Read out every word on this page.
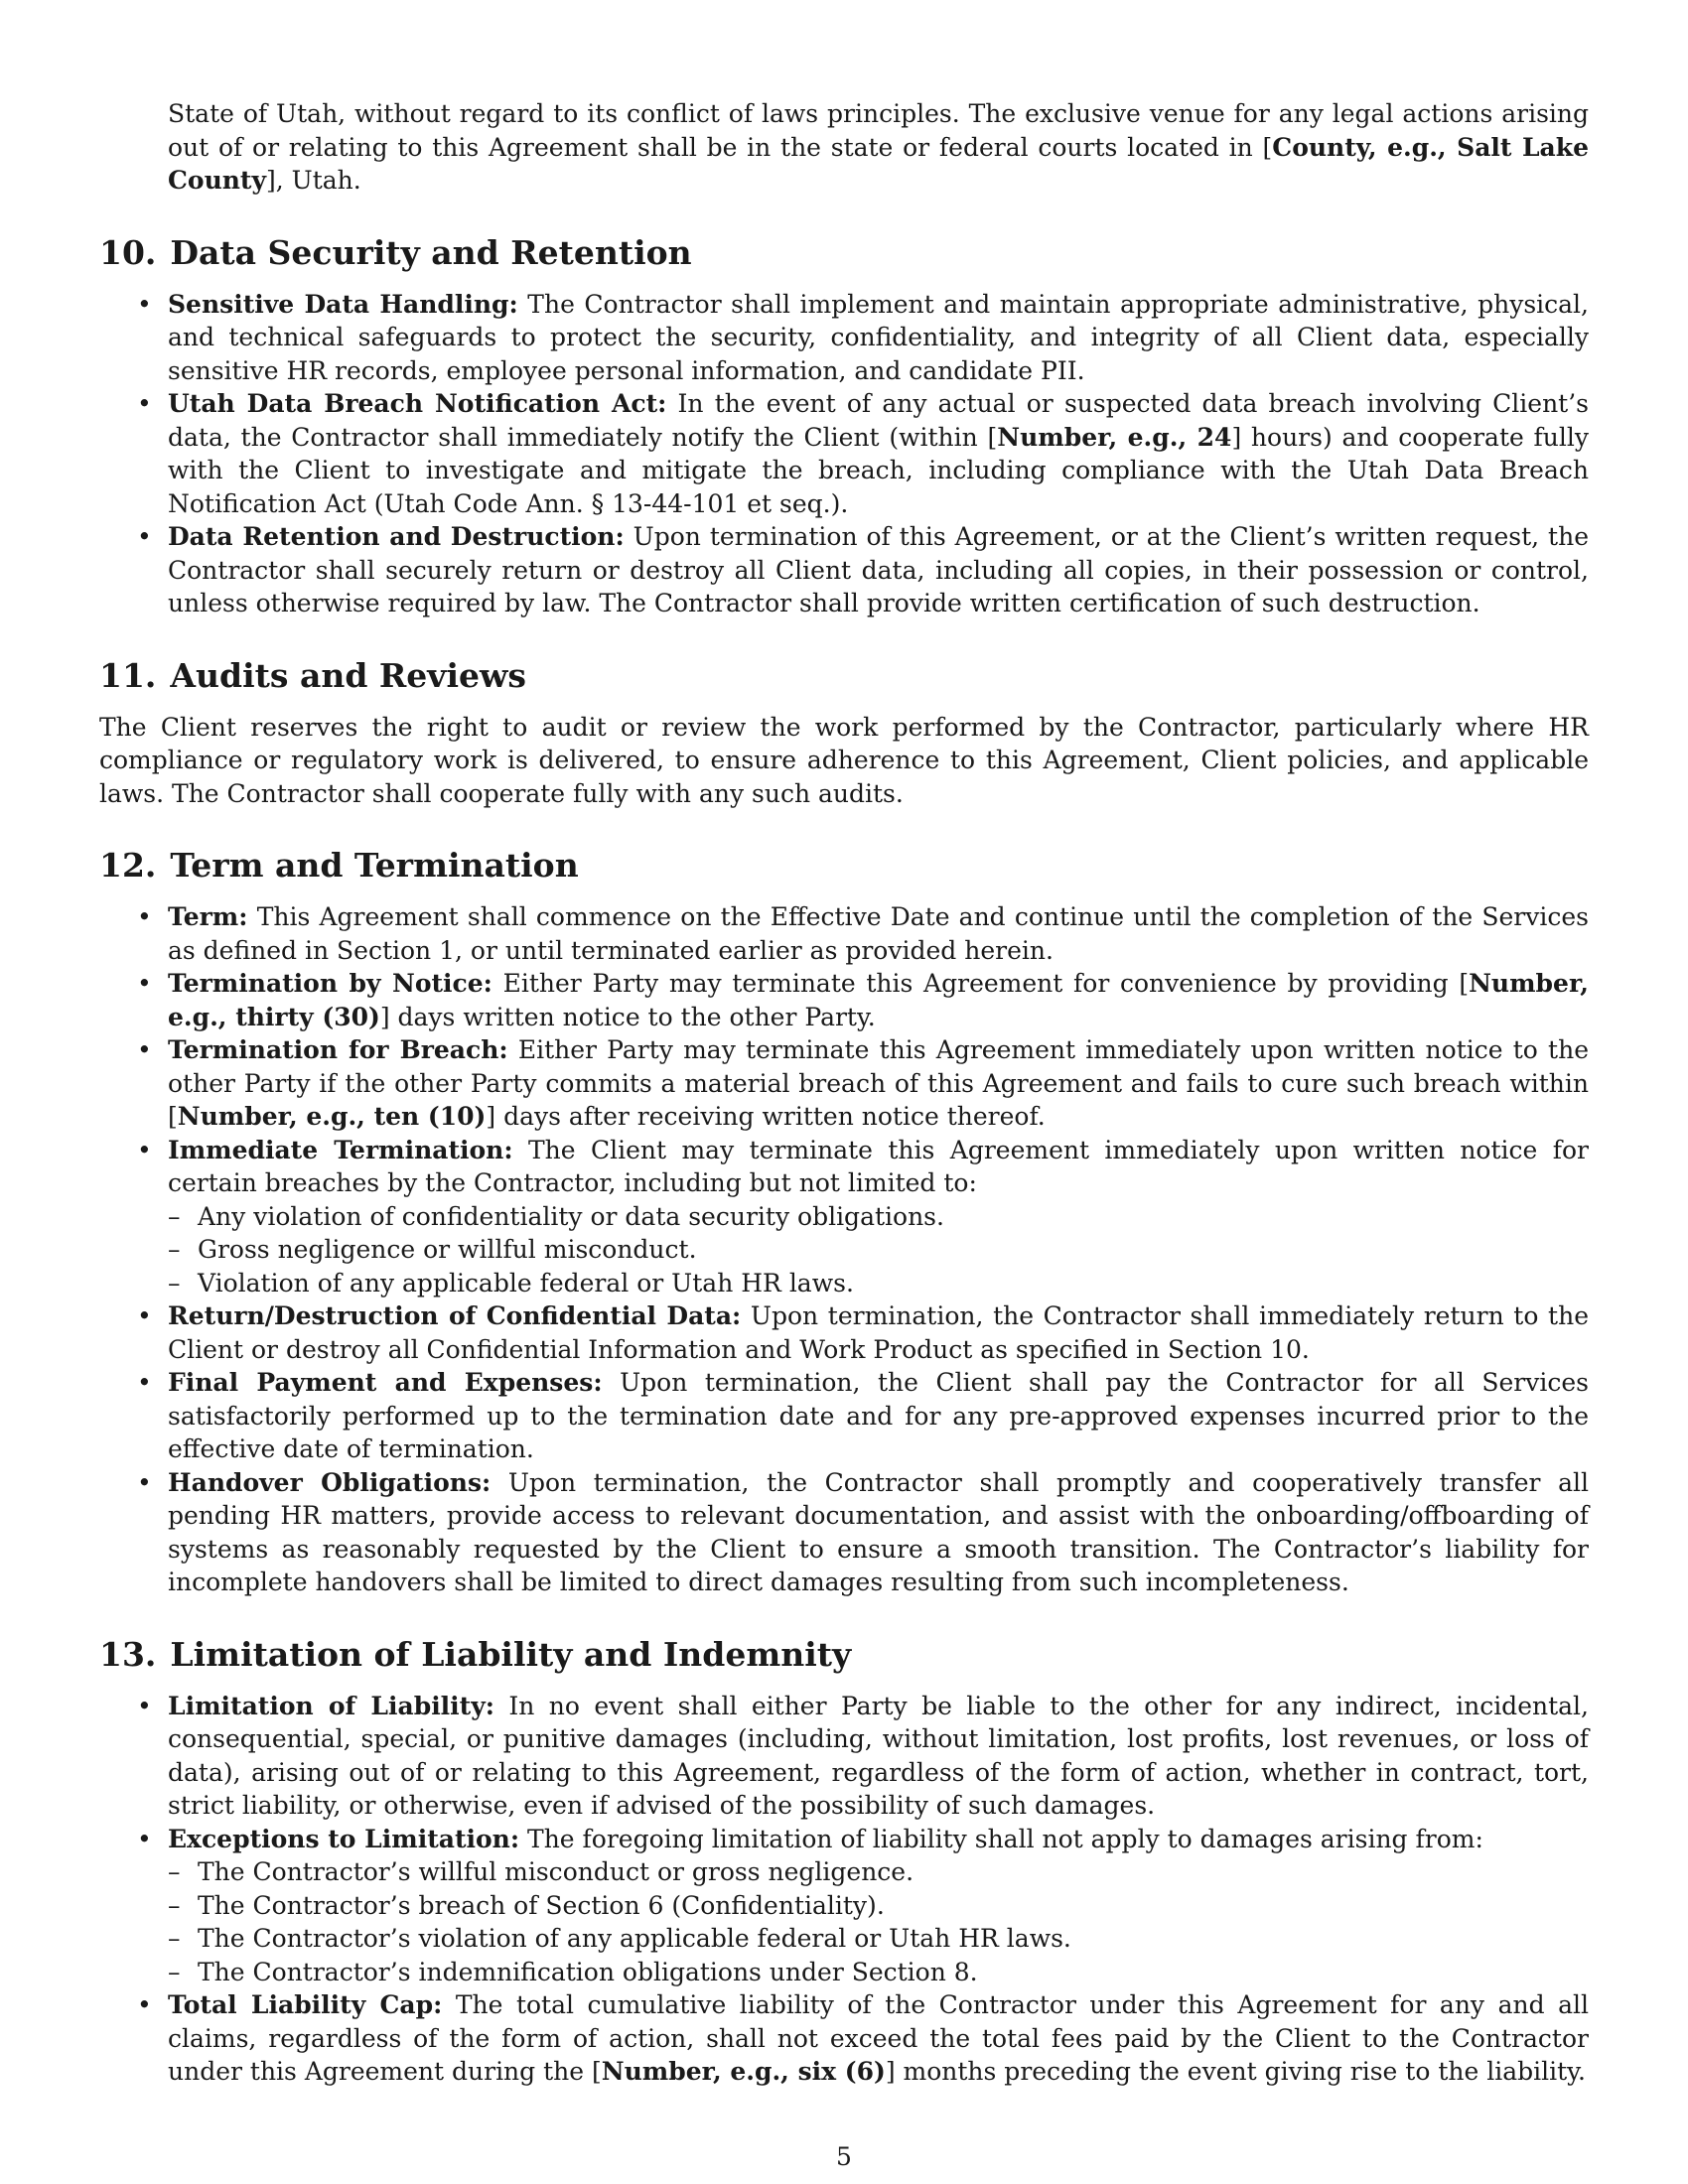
State of Utah, without regard to its conflict of laws principles. The exclusive venue for any legal actions arising out of or relating to this Agreement shall be in the state or federal courts located in [County, e.g., Salt Lake County], Utah.

10. Data Security and Retention
• Sensitive Data Handling: The Contractor shall implement and maintain appropriate administrative, physical, and technical safeguards to protect the security, confidentiality, and integrity of all Client data, especially sensitive HR records, employee personal information, and candidate PII.
• Utah Data Breach Notification Act: In the event of any actual or suspected data breach involving Client’s data, the Contractor shall immediately notify the Client (within [Number, e.g., 24] hours) and cooperate fully with the Client to investigate and mitigate the breach, including compliance with the Utah Data Breach Notification Act (Utah Code Ann. § 13-44-101 et seq.).
• Data Retention and Destruction: Upon termination of this Agreement, or at the Client’s written request, the Contractor shall securely return or destroy all Client data, including all copies, in their possession or control, unless otherwise required by law. The Contractor shall provide written certification of such destruction.
11. Audits and Reviews

The Client reserves the right to audit or review the work performed by the Contractor, particularly where HR compliance or regulatory work is delivered, to ensure adherence to this Agreement, Client policies, and applicable laws. The Contractor shall cooperate fully with any such audits.

12. Term and Termination
• Term: This Agreement shall commence on the Effective Date and continue until the completion of the Services as defined in Section 1, or until terminated earlier as provided herein.
• Termination by Notice: Either Party may terminate this Agreement for convenience by providing [Number, e.g., thirty (30)] days written notice to the other Party.
• Termination for Breach: Either Party may terminate this Agreement immediately upon written notice to the other Party if the other Party commits a material breach of this Agreement and fails to cure such breach within [Number, e.g., ten (10)] days after receiving written notice thereof.
• Immediate Termination: The Client may terminate this Agreement immediately upon written notice for certain breaches by the Contractor, including but not limited to:
– Any violation of confidentiality or data security obligations.
– Gross negligence or willful misconduct.
– Violation of any applicable federal or Utah HR laws.
• Return/Destruction of Confidential Data: Upon termination, the Contractor shall immediately return to the Client or destroy all Confidential Information and Work Product as specified in Section 10.
• Final Payment and Expenses: Upon termination, the Client shall pay the Contractor for all Services satisfactorily performed up to the termination date and for any pre-approved expenses incurred prior to the effective date of termination.
• Handover Obligations: Upon termination, the Contractor shall promptly and cooperatively transfer all pending HR matters, provide access to relevant documentation, and assist with the onboarding/offboarding of systems as reasonably requested by the Client to ensure a smooth transition. The Contractor’s liability for incomplete handovers shall be limited to direct damages resulting from such incompleteness.
13. Limitation of Liability and Indemnity
• Limitation of Liability: In no event shall either Party be liable to the other for any indirect, incidental, consequential, special, or punitive damages (including, without limitation, lost profits, lost revenues, or loss of data), arising out of or relating to this Agreement, regardless of the form of action, whether in contract, tort, strict liability, or otherwise, even if advised of the possibility of such damages.
• Exceptions to Limitation: The foregoing limitation of liability shall not apply to damages arising from:
– The Contractor’s willful misconduct or gross negligence.
– The Contractor’s breach of Section 6 (Confidentiality).
– The Contractor’s violation of any applicable federal or Utah HR laws.
– The Contractor’s indemnification obligations under Section 8.
• Total Liability Cap: The total cumulative liability of the Contractor under this Agreement for any and all claims, regardless of the form of action, shall not exceed the total fees paid by the Client to the Contractor under this Agreement during the [Number, e.g., six (6)] months preceding the event giving rise to the liability.
5
